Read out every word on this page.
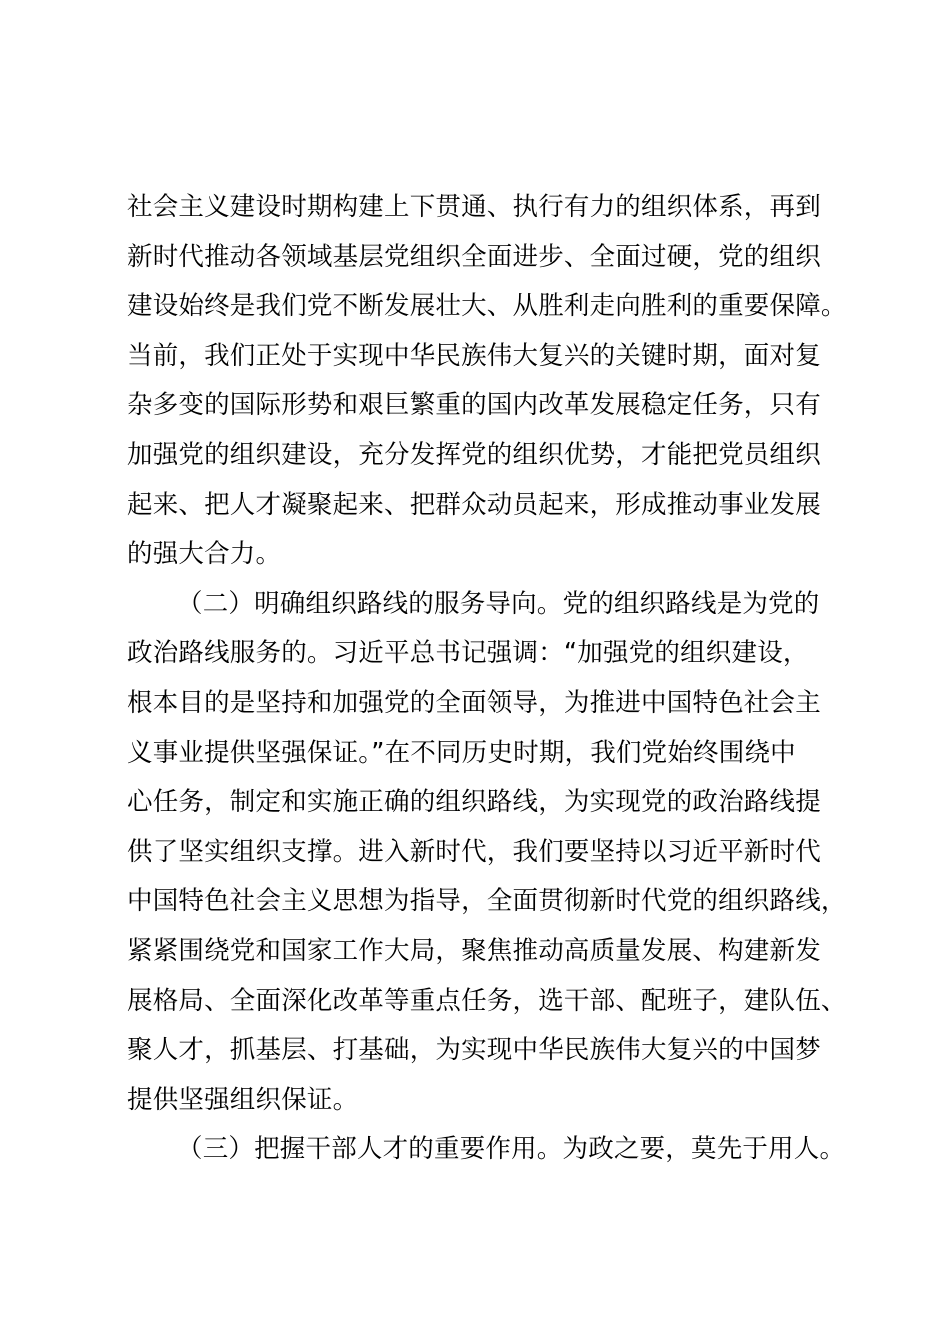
社会主义建设时期构建上下贯通、执行有力的组织体系，再到
新时代推动各领域基层党组织全面进步、全面过硬，党的组织
建设始终是我们党不断发展壮大、从胜利走向胜利的重要保障。
当前，我们正处于实现中华民族伟大复兴的关键时期，面对复
杂多变的国际形势和艰巨繁重的国内改革发展稳定任务，只有
加强党的组织建设，充分发挥党的组织优势，才能把党员组织
起来、把人才凝聚起来、把群众动员起来，形成推动事业发展
的强大合力。
（二）明确组织路线的服务导向。党的组织路线是为党的
政治路线服务的。习近平总书记强调：“加强党的组织建设，
根本目的是坚持和加强党的全面领导，为推进中国特色社会主
义事业提供坚强保证。”在不同历史时期，我们党始终围绕中
心任务，制定和实施正确的组织路线，为实现党的政治路线提
供了坚实组织支撑。进入新时代，我们要坚持以习近平新时代
中国特色社会主义思想为指导，全面贯彻新时代党的组织路线，
紧紧围绕党和国家工作大局，聚焦推动高质量发展、构建新发
展格局、全面深化改革等重点任务，选干部、配班子，建队伍、
聚人才，抓基层、打基础，为实现中华民族伟大复兴的中国梦
提供坚强组织保证。
（三）把握干部人才的重要作用。为政之要，莫先于用人。
